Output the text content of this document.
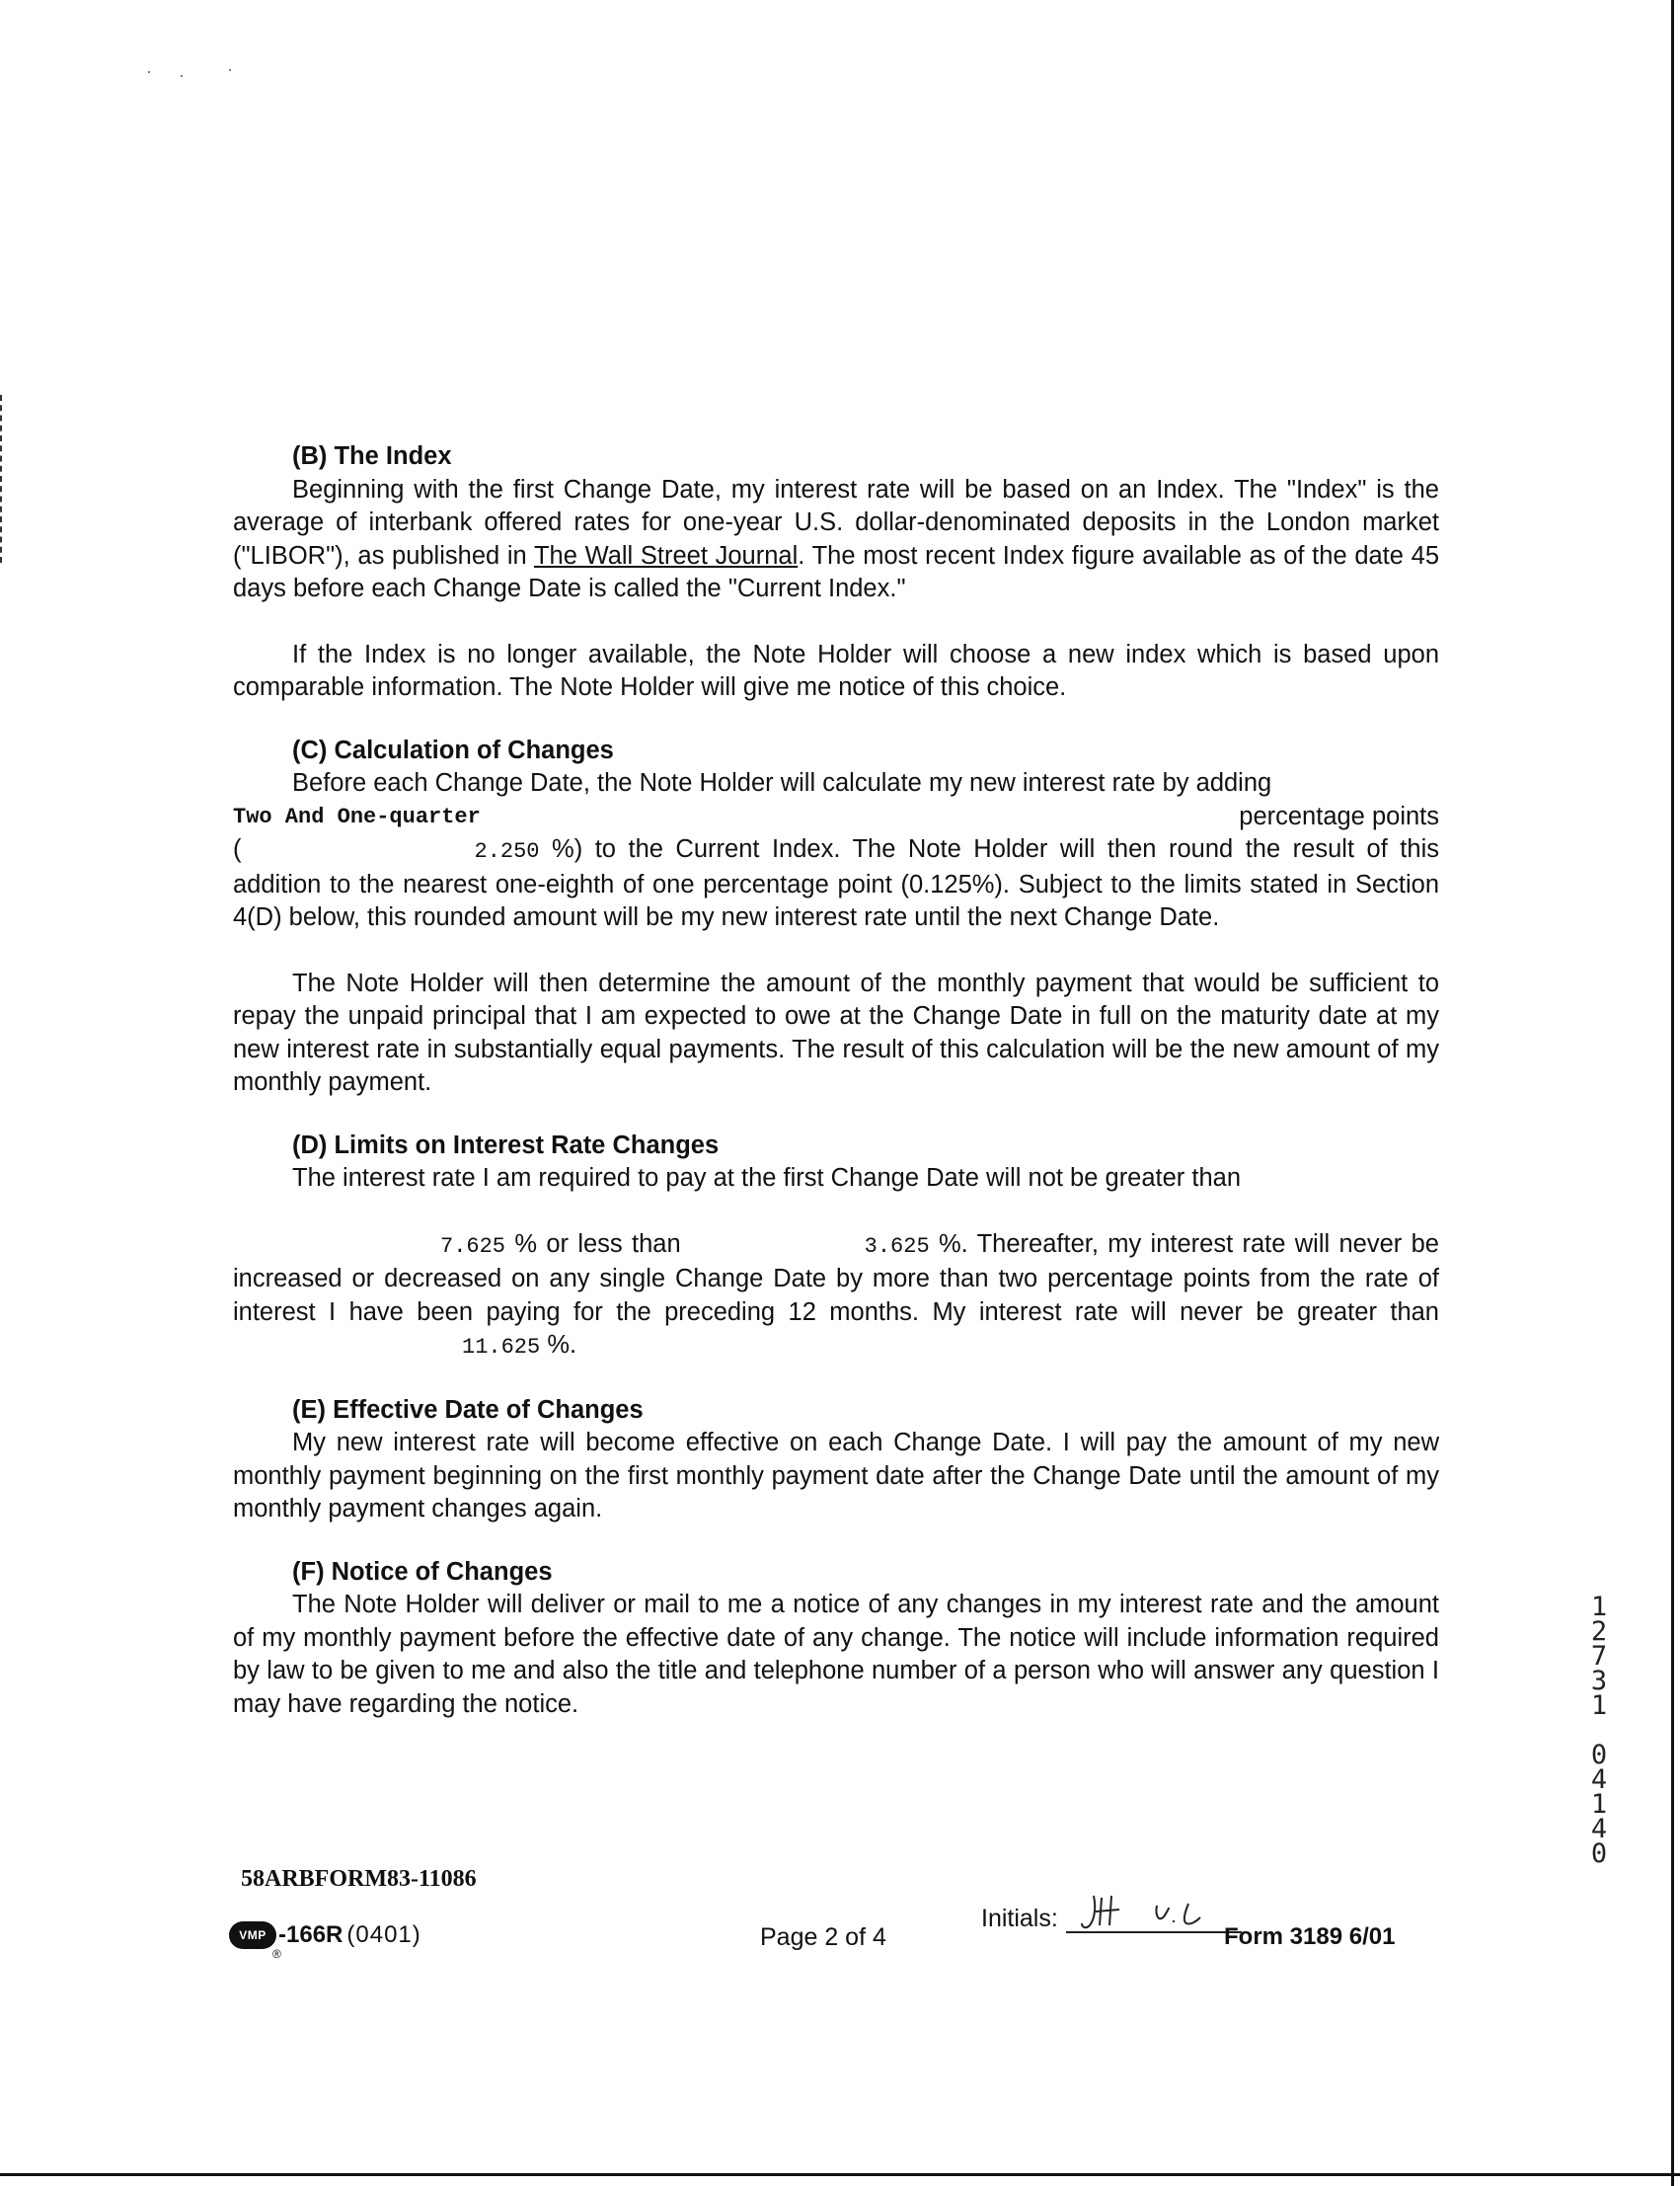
(B) The Index

Beginning with the first Change Date, my interest rate will be based on an Index. The "Index" is the average of interbank offered rates for one-year U.S. dollar-denominated deposits in the London market ("LIBOR"), as published in The Wall Street Journal. The most recent Index figure available as of the date 45 days before each Change Date is called the "Current Index."

If the Index is no longer available, the Note Holder will choose a new index which is based upon comparable information. The Note Holder will give me notice of this choice.

(C) Calculation of Changes

Before each Change Date, the Note Holder will calculate my new interest rate by adding

Two And One-quarter	percentage points

(	2.250 %) to the Current Index. The Note Holder will then round the result of this addition to the nearest one-eighth of one percentage point (0.125%). Subject to the limits stated in Section 4(D) below, this rounded amount will be my new interest rate until the next Change Date.

The Note Holder will then determine the amount of the monthly payment that would be sufficient to repay the unpaid principal that I am expected to owe at the Change Date in full on the maturity date at my new interest rate in substantially equal payments. The result of this calculation will be the new amount of my monthly payment.

(D) Limits on Interest Rate Changes

The interest rate I am required to pay at the first Change Date will not be greater than

7.625 % or less than	3.625 %. Thereafter, my interest rate will never be increased or decreased on any single Change Date by more than two percentage points from the rate of interest I have been paying for the preceding 12 months. My interest rate will never be greater than11.625 %.

(E) Effective Date of Changes

My new interest rate will become effective on each Change Date. I will pay the amount of my new monthly payment beginning on the first monthly payment date after the Change Date until the amount of my monthly payment changes again.

(F) Notice of Changes

The Note Holder will deliver or mail to me a notice of any changes in my interest rate and the amount of my monthly payment before the effective date of any change. The notice will include information required by law to be given to me and also the title and telephone number of a person who will answer any question I may have regarding the notice.

1
2
7
3
1
0
4
1
4
0
58ARBFORM83-11086
VMP
®
-166R (0401)	Page 2 of 4
Initials:
Form 3189 6/01
